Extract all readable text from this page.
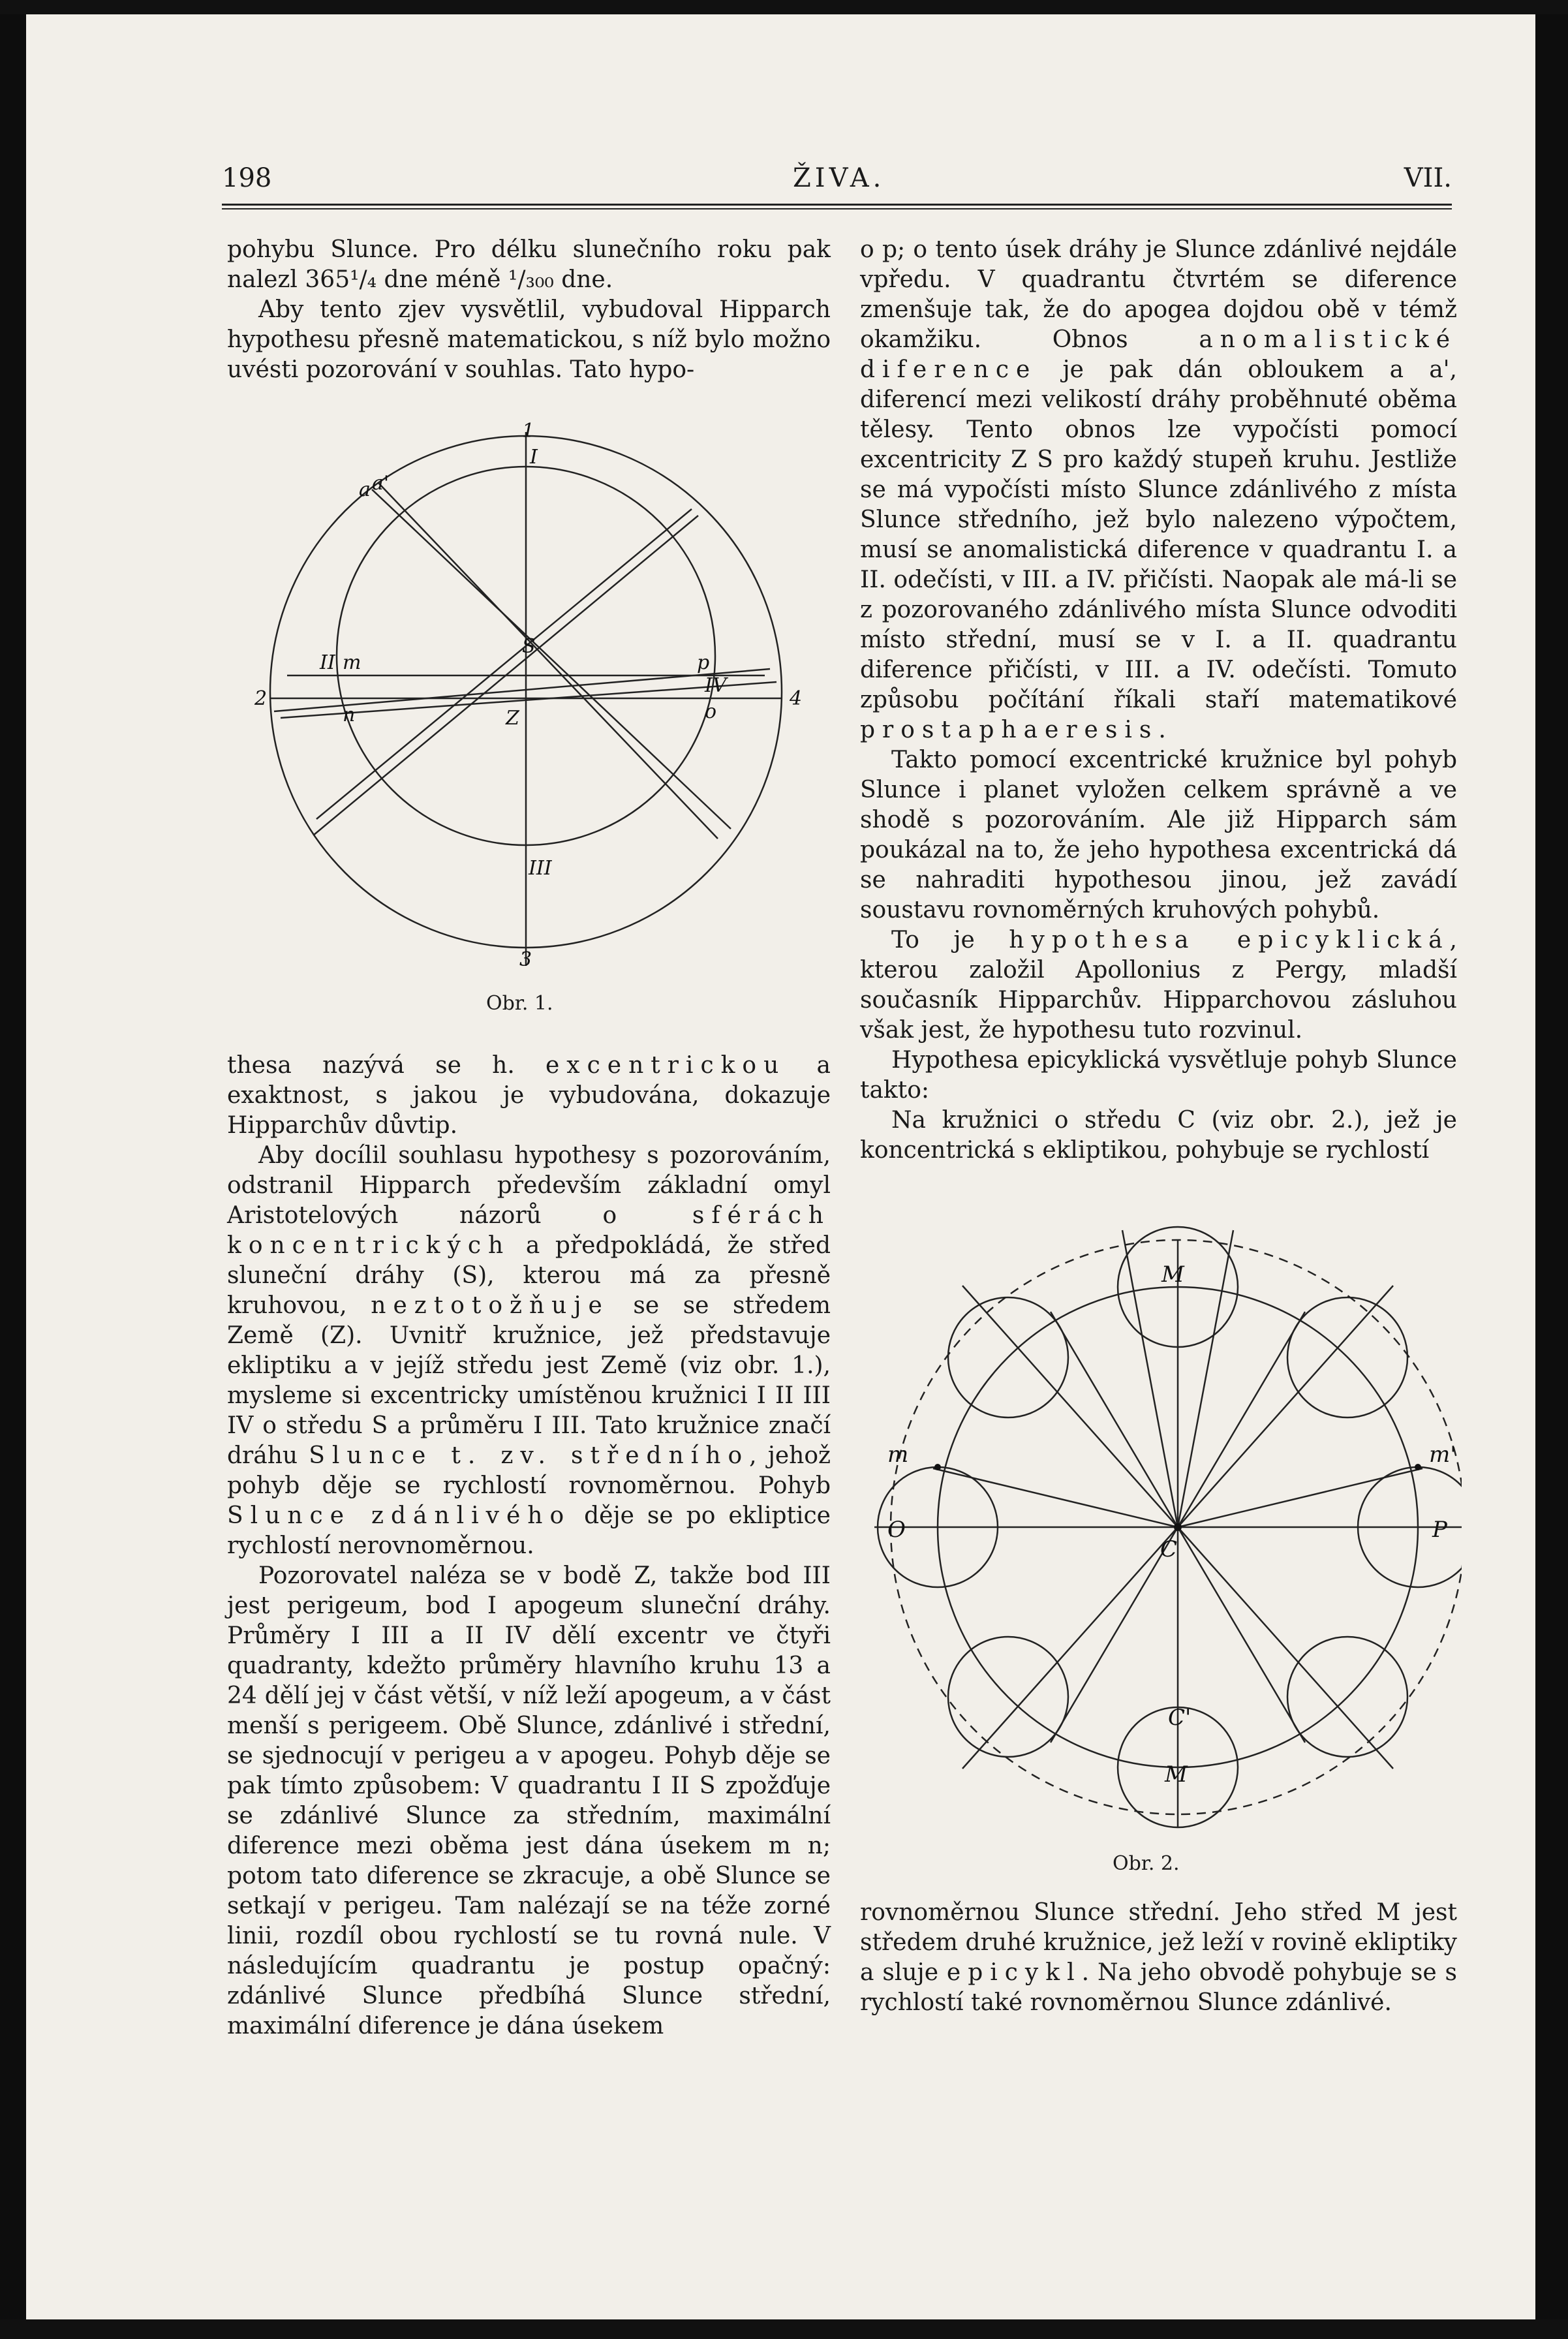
198	ŽIVA.	VII.

pohybu Slunce. Pro délku slunečního roku pak nalezl 365¹/₄ dne méně ¹/₃₀₀ dne.

Aby tento zjev vysvětlil, vybudoval Hipparch hypothesu přesně matematickou, s níž bylo možno uvésti pozorování v souhlas. Tato hypo-

1
2
3
4
I
II
III
IV
S
Z
m
n
p
o
a a'
Obr. 1.

thesa nazývá se h. excentrickou a exaktnost, s jakou je vybudována, dokazuje Hipparchův důvtip.

Aby docílil souhlasu hypothesy s pozorováním, odstranil Hipparch především základní omyl Aristotelových názorů o sférách koncentrických a předpokládá, že střed sluneční dráhy (S), kterou má za přesně kruhovou, neztotožňuje se se středem Země (Z). Uvnitř kružnice, jež představuje ekliptiku a v jejíž středu jest Země (viz obr. 1.), mysleme si excentricky umístěnou kružnici I II III IV o středu S a průměru I III. Tato kružnice značí dráhu Slunce t. zv. středního, jehož pohyb děje se rychlostí rovnoměrnou. Pohyb Slunce zdánlivého děje se po ekliptice rychlostí nerovnoměrnou.

Pozorovatel naléza se v bodě Z, takže bod III jest perigeum, bod I apogeum sluneční dráhy. Průměry I III a II IV dělí excentr ve čtyři quadranty, kdežto průměry hlavního kruhu 13 a 24 dělí jej v část větší, v níž leží apogeum, a v část menší s perigeem. Obě Slunce, zdánlivé i střední, se sjednocují v perigeu a v apogeu. Pohyb děje se pak tímto způsobem: V quadrantu I II S zpožďuje se zdánlivé Slunce za středním, maximální diference mezi oběma jest dána úsekem m n; potom tato diference se zkracuje, a obě Slunce se setkají v perigeu. Tam nalézají se na téže zorné linii, rozdíl obou rychlostí se tu rovná nule. V následujícím quadrantu je postup opačný: zdánlivé Slunce předbíhá Slunce střední, maximální diference je dána úsekem

o p; o tento úsek dráhy je Slunce zdánlivé nejdále vpředu. V quadrantu čtvrtém se diference zmenšuje tak, že do apogea dojdou obě v témž okamžiku. Obnos anomalistické diference je pak dán obloukem a a', diferencí mezi velikostí dráhy proběhnuté oběma tělesy. Tento obnos lze vypočísti pomocí excentricity Z S pro každý stupeň kruhu. Jestliže se má vypočísti místo Slunce zdánlivého z místa Slunce středního, jež bylo nalezeno výpočtem, musí se anomalistická diference v quadrantu I. a II. odečísti, v III. a IV. přičísti. Naopak ale má-li se z pozorovaného zdánlivého místa Slunce odvoditi místo střední, musí se v I. a II. quadrantu diference přičísti, v III. a IV. odečísti. Tomuto způsobu počítání říkali staří matematikové prostaphaeresis.

Takto pomocí excentrické kružnice byl pohyb Slunce i planet vyložen celkem správně a ve shodě s pozorováním. Ale již Hipparch sám poukázal na to, že jeho hypothesa excentrická dá se nahraditi hypothesou jinou, jež zavádí soustavu rovnoměrných kruhových pohybů.

To je hypothesa epicyklická, kterou založil Apollonius z Pergy, mladší současník Hipparchův. Hipparchovou zásluhou však jest, že hypothesu tuto rozvinul.

Hypothesa epicyklická vysvětluje pohyb Slunce takto:

Na kružnici o středu C (viz obr. 2.), jež je koncentrická s ekliptikou, pohybuje se rychlostí

M
m	m'
O	P
C
C'
M
Obr. 2.

rovnoměrnou Slunce střední. Jeho střed M jest středem druhé kružnice, jež leží v rovině ekliptiky a sluje epicykl. Na jeho obvodě pohybuje se s rychlostí také rovnoměrnou Slunce zdánlivé.
